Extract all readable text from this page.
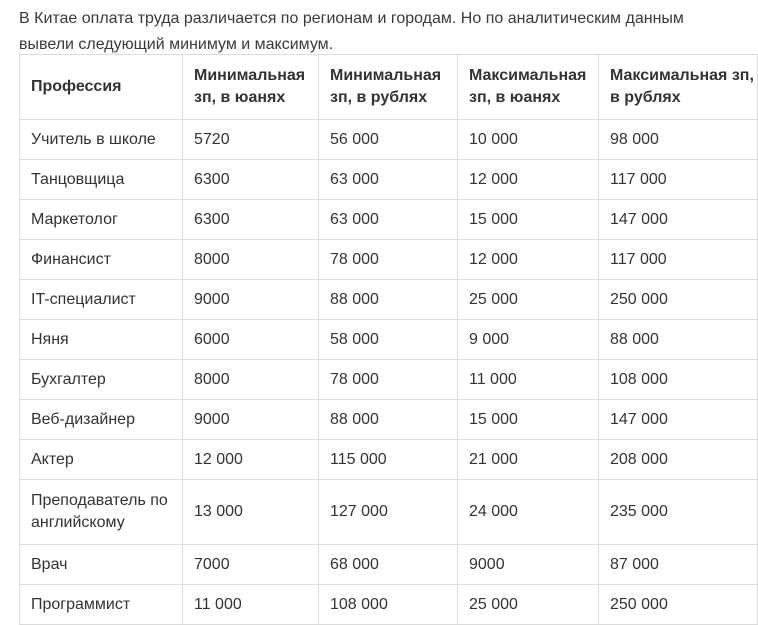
В Китае оплата труда различается по регионам и городам. Но по аналитическим данным

вывели следующий минимум и максимум.

Профессия	Минимальная зп, в юанях	Минимальная зп, в рублях	Максимальная зп, в юанях	Максимальная зп, в рублях
Учитель в школе	5720	56 000	10 000	98 000
Танцовщица	6300	63 000	12 000	117 000
Маркетолог	6300	63 000	15 000	147 000
Финансист	8000	78 000	12 000	117 000
IT-специалист	9000	88 000	25 000	250 000
Няня	6000	58 000	9 000	88 000
Бухгалтер	8000	78 000	11 000	108 000
Веб-дизайнер	9000	88 000	15 000	147 000
Актер	12 000	115 000	21 000	208 000
Преподаватель по английскому	13 000	127 000	24 000	235 000
Врач	7000	68 000	9000	87 000
Программист	11 000	108 000	25 000	250 000
